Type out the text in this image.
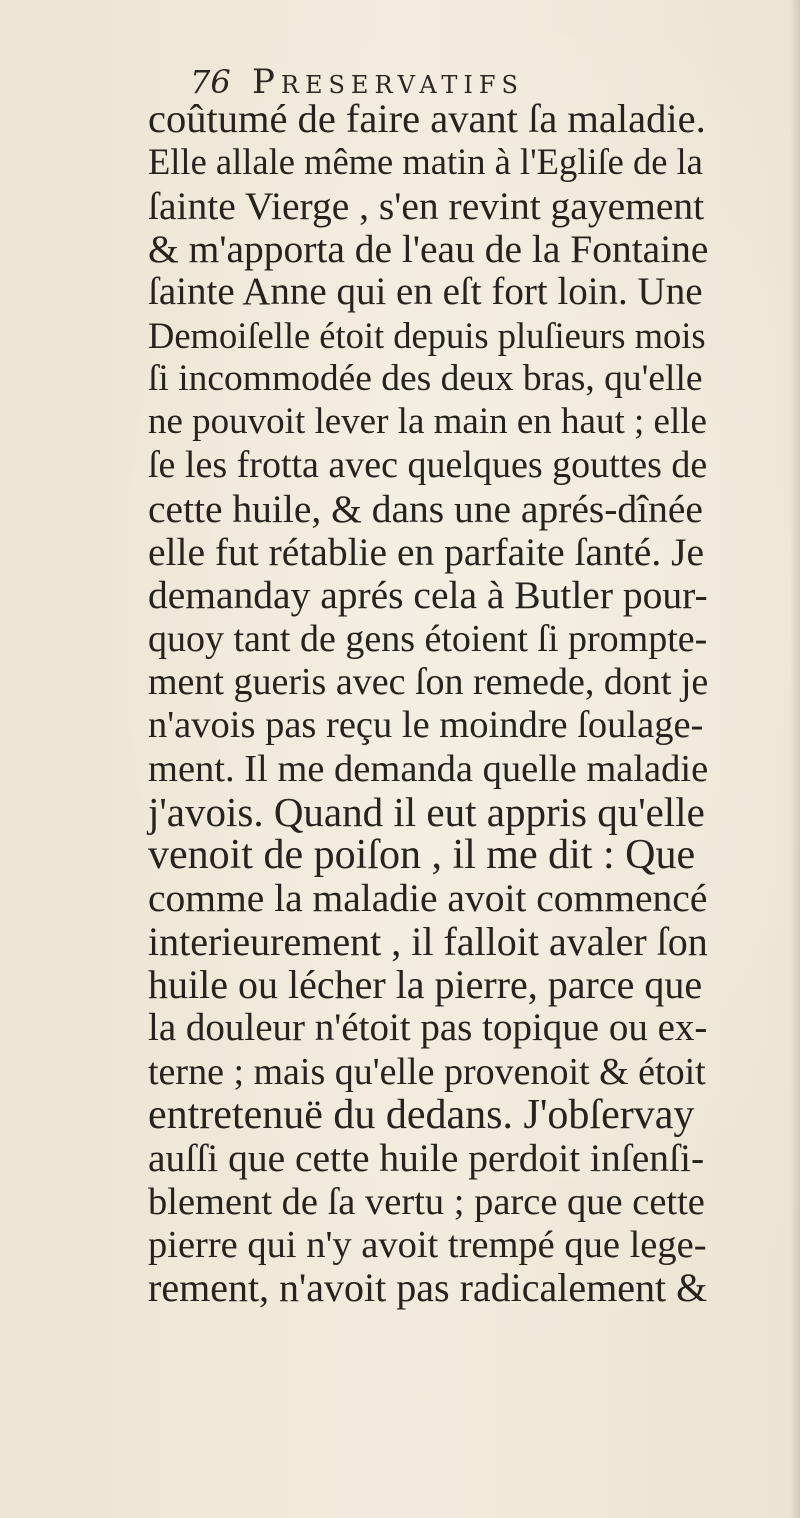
76 PRESERVATIFS
coûtumé de faire avant ſa maladie.
Elle allale même matin à l'Egliſe de la
ſainte Vierge , s'en revint gayement
& m'apporta de l'eau de la Fontaine
ſainte Anne qui en eſt fort loin. Une
Demoiſelle étoit depuis pluſieurs mois
ſi incommodée des deux bras, qu'elle
ne pouvoit lever la main en haut ; elle
ſe les frotta avec quelques gouttes de
cette huile, & dans une aprés-dînée
elle fut rétablie en parfaite ſanté. Je
demanday aprés cela à Butler pour-
quoy tant de gens étoient ſi prompte-
ment gueris avec ſon remede, dont je
n'avois pas reçu le moindre ſoulage-
ment. Il me demanda quelle maladie
j'avois. Quand il eut appris qu'elle
venoit de poiſon , il me dit : Que
comme la maladie avoit commencé
interieurement , il falloit avaler ſon
huile ou lécher la pierre, parce que
la douleur n'étoit pas topique ou ex-
terne ; mais qu'elle provenoit & étoit
entretenuë du dedans. J'obſervay
auſſi que cette huile perdoit inſenſi-
blement de ſa vertu ; parce que cette
pierre qui n'y avoit trempé que lege-
rement, n'avoit pas radicalement &
